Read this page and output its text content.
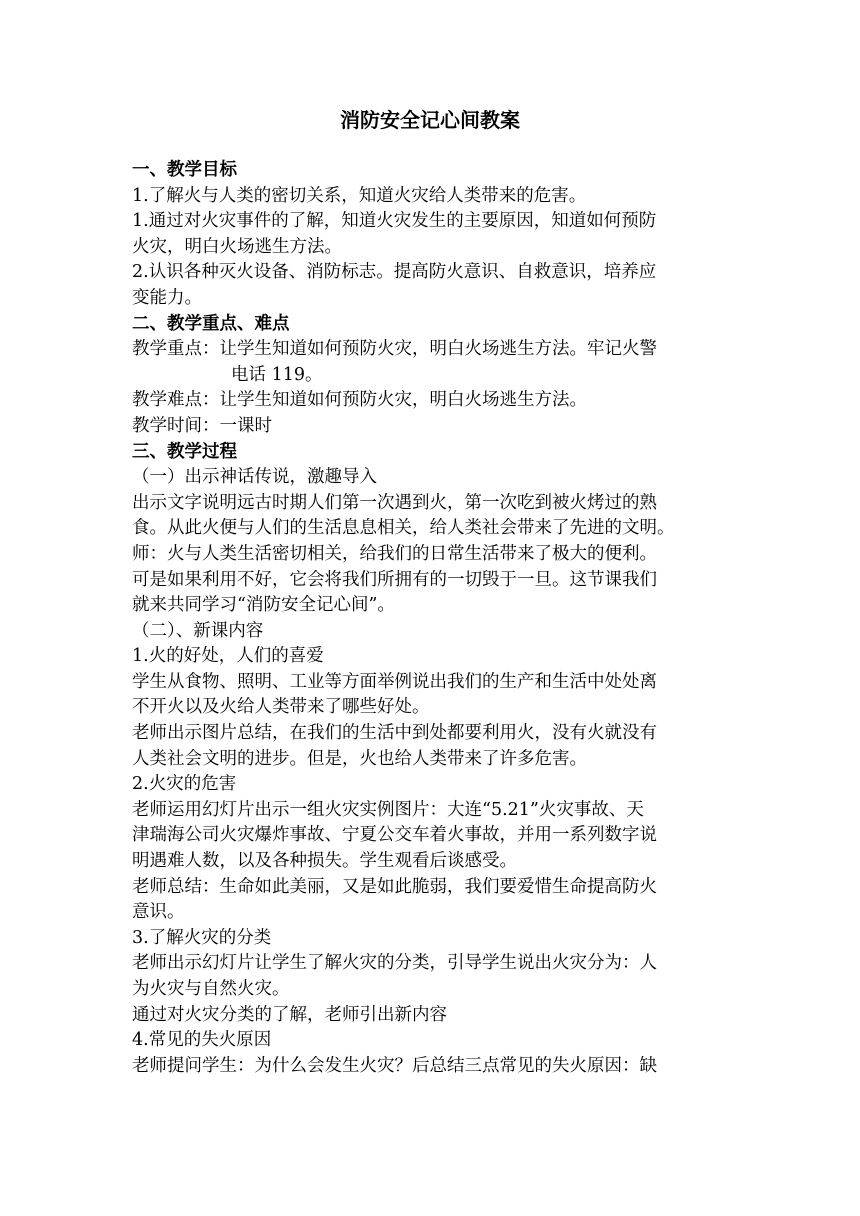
消防安全记心间教案
一、教学目标
1.了解火与人类的密切关系，知道火灾给人类带来的危害。
1.通过对火灾事件的了解，知道火灾发生的主要原因，知道如何预防
火灾，明白火场逃生方法。
2.认识各种灭火设备、消防标志。提高防火意识、自救意识，培养应
变能力。
二、教学重点、难点
教学重点：让学生知道如何预防火灾，明白火场逃生方法。牢记火警
电话 119。
教学难点：让学生知道如何预防火灾，明白火场逃生方法。
教学时间：一课时
三、教学过程
（一）出示神话传说，激趣导入
出示文字说明远古时期人们第一次遇到火，第一次吃到被火烤过的熟
食。从此火便与人们的生活息息相关，给人类社会带来了先进的文明。
师：火与人类生活密切相关，给我们的日常生活带来了极大的便利。
可是如果利用不好，它会将我们所拥有的一切毁于一旦。这节课我们
就来共同学习“消防安全记心间”。
（二）、新课内容
1.火的好处，人们的喜爱
学生从食物、照明、工业等方面举例说出我们的生产和生活中处处离
不开火以及火给人类带来了哪些好处。
老师出示图片总结，在我们的生活中到处都要利用火，没有火就没有
人类社会文明的进步。但是，火也给人类带来了许多危害。
2.火灾的危害
老师运用幻灯片出示一组火灾实例图片：大连“5.21”火灾事故、天
津瑞海公司火灾爆炸事故、宁夏公交车着火事故，并用一系列数字说
明遇难人数，以及各种损失。学生观看后谈感受。
老师总结：生命如此美丽，又是如此脆弱，我们要爱惜生命提高防火
意识。
3.了解火灾的分类
老师出示幻灯片让学生了解火灾的分类，引导学生说出火灾分为：人
为火灾与自然火灾。
通过对火灾分类的了解，老师引出新内容
4.常见的失火原因
老师提问学生：为什么会发生火灾？后总结三点常见的失火原因：缺
